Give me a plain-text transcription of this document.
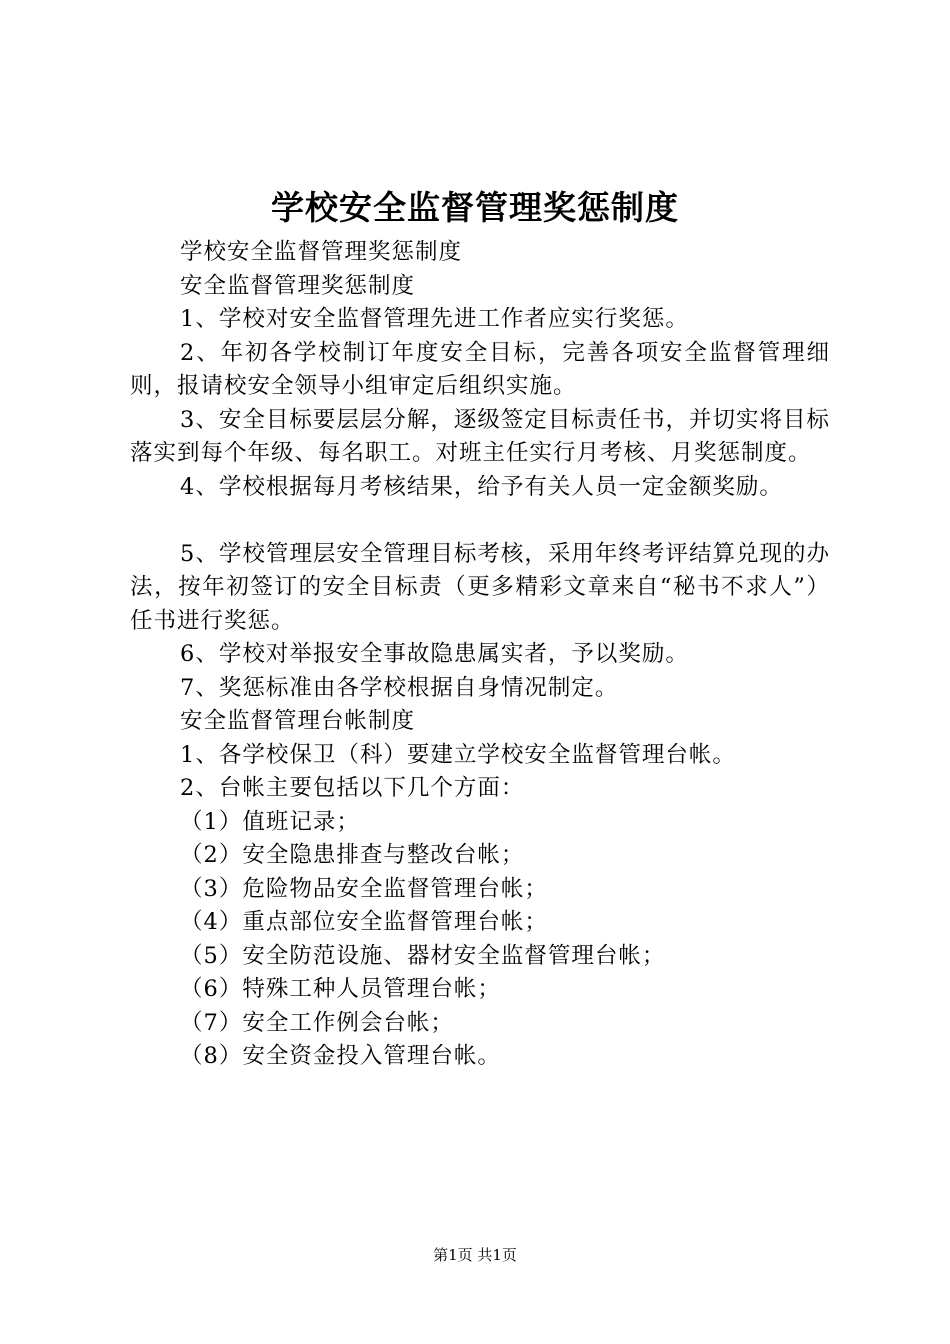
学校安全监督管理奖惩制度

学校安全监督管理奖惩制度

安全监督管理奖惩制度

1、学校对安全监督管理先进工作者应实行奖惩。

2、年初各学校制订年度安全目标，完善各项安全监督管理细则，报请校安全领导小组审定后组织实施。

3、安全目标要层层分解，逐级签定目标责任书，并切实将目标落实到每个年级、每名职工。对班主任实行月考核、月奖惩制度。

4、学校根据每月考核结果，给予有关人员一定金额奖励。

5、学校管理层安全管理目标考核，采用年终考评结算兑现的办法，按年初签订的安全目标责（更多精彩文章来自“秘书不求人”）任书进行奖惩。

6、学校对举报安全事故隐患属实者，予以奖励。

7、奖惩标准由各学校根据自身情况制定。

安全监督管理台帐制度

1、各学校保卫（科）要建立学校安全监督管理台帐。

2、台帐主要包括以下几个方面：

（1）值班记录；

（2）安全隐患排查与整改台帐；

（3）危险物品安全监督管理台帐；

（4）重点部位安全监督管理台帐；

（5）安全防范设施、器材安全监督管理台帐；

（6）特殊工种人员管理台帐；

（7）安全工作例会台帐；

（8）安全资金投入管理台帐。

第1页 共1页
